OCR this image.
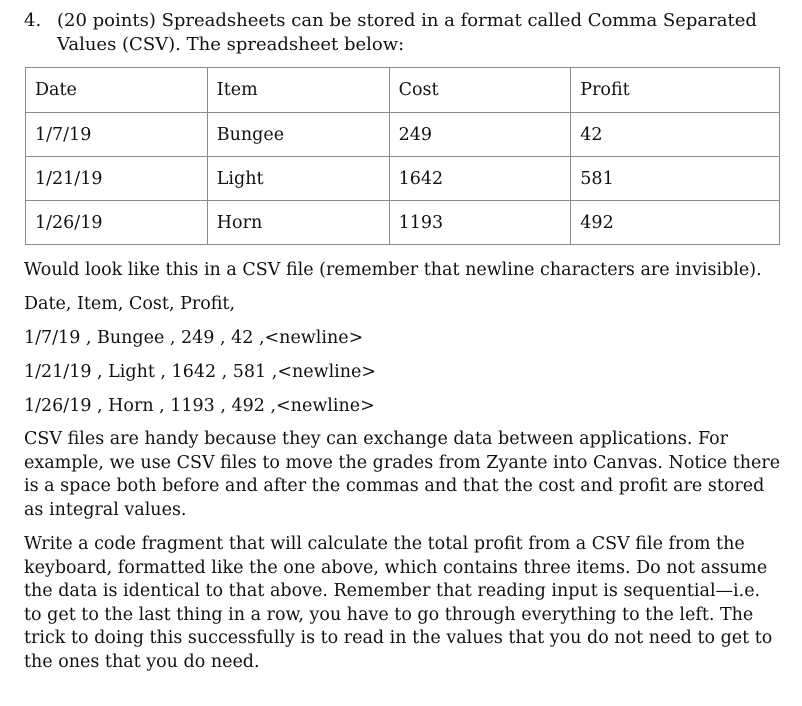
4. (20 points) Spreadsheets can be stored in a format called Comma Separated
Values (CSV). The spreadsheet below:
Date	Item	Cost	Profit
1/7/19	Bungee	249	42
1/21/19	Light	1642	581
1/26/19	Horn	1193	492
Would look like this in a CSV file (remember that newline characters are invisible).
Date, Item, Cost, Profit,
1/7/19 , Bungee , 249 , 42 ,<newline>
1/21/19 , Light , 1642 , 581 ,<newline>
1/26/19 , Horn , 1193 , 492 ,<newline>
CSV files are handy because they can exchange data between applications. For
example, we use CSV files to move the grades from Zyante into Canvas. Notice there
is a space both before and after the commas and that the cost and profit are stored
as integral values.
Write a code fragment that will calculate the total profit from a CSV file from the
keyboard, formatted like the one above, which contains three items. Do not assume
the data is identical to that above. Remember that reading input is sequential—i.e.
to get to the last thing in a row, you have to go through everything to the left. The
trick to doing this successfully is to read in the values that you do not need to get to
the ones that you do need.
